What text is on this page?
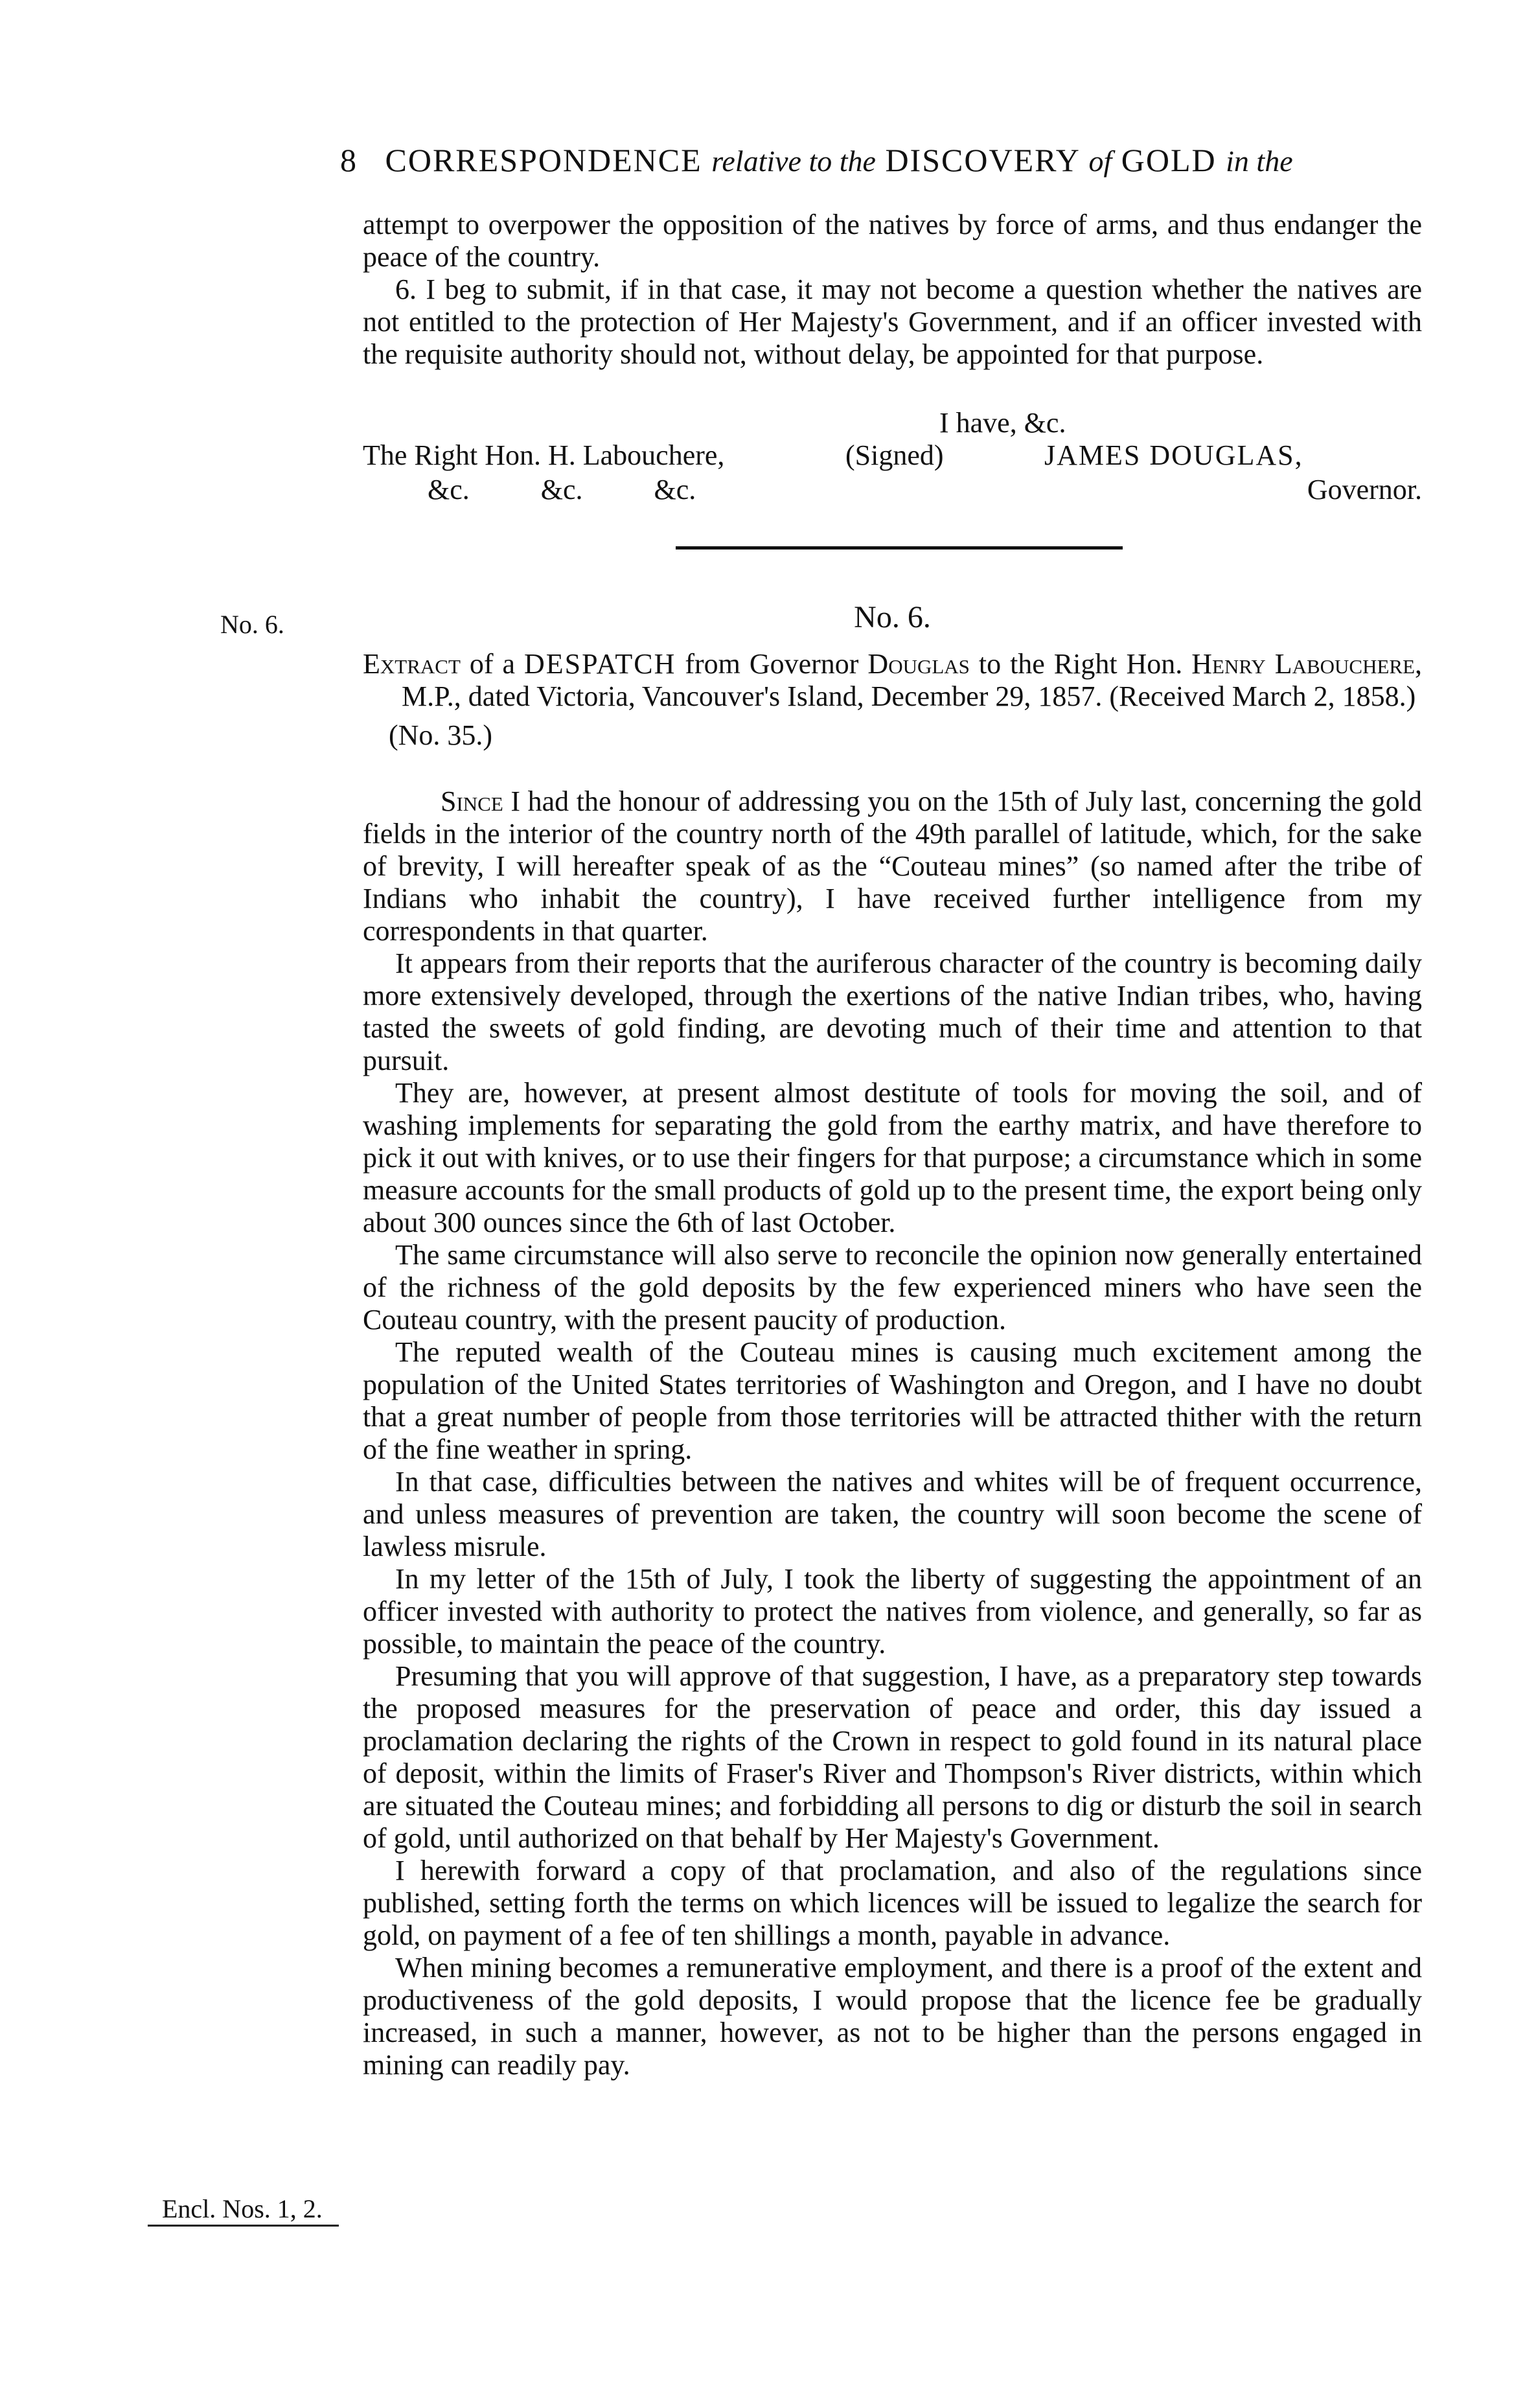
8 CORRESPONDENCE relative to the DISCOVERY of GOLD in the

attempt to overpower the opposition of the natives by force of arms, and thus endanger the peace of the country.

6. I beg to submit, if in that case, it may not become a question whether the natives are not entitled to the protection of Her Majesty's Government, and if an officer invested with the requisite authority should not, without delay, be appointed for that purpose.

I have, &c.
The Right Hon. H. Labouchere,	(Signed)	JAMES DOUGLAS,
&c.          &c.          &c.	Governor.
No. 6.	No. 6.

Extract of a DESPATCH from Governor Douglas to the Right Hon. Henry Labouchere, M.P., dated Victoria, Vancouver's Island, December 29, 1857. (Received March 2, 1858.)

(No. 35.)

Since I had the honour of addressing you on the 15th of July last, concerning the gold fields in the interior of the country north of the 49th parallel of latitude, which, for the sake of brevity, I will hereafter speak of as the “Couteau mines” (so named after the tribe of Indians who inhabit the country), I have received further intelligence from my correspondents in that quarter.

It appears from their reports that the auriferous character of the country is becoming daily more extensively developed, through the exertions of the native Indian tribes, who, having tasted the sweets of gold finding, are devoting much of their time and attention to that pursuit.

They are, however, at present almost destitute of tools for moving the soil, and of washing implements for separating the gold from the earthy matrix, and have therefore to pick it out with knives, or to use their fingers for that purpose; a circumstance which in some measure accounts for the small products of gold up to the present time, the export being only about 300 ounces since the 6th of last October.

The same circumstance will also serve to reconcile the opinion now generally entertained of the richness of the gold deposits by the few experienced miners who have seen the Couteau country, with the present paucity of production.

The reputed wealth of the Couteau mines is causing much excitement among the population of the United States territories of Washington and Oregon, and I have no doubt that a great number of people from those territories will be attracted thither with the return of the fine weather in spring.

In that case, difficulties between the natives and whites will be of frequent occurrence, and unless measures of prevention are taken, the country will soon become the scene of lawless misrule.

In my letter of the 15th of July, I took the liberty of suggesting the appointment of an officer invested with authority to protect the natives from violence, and generally, so far as possible, to maintain the peace of the country.

Presuming that you will approve of that suggestion, I have, as a preparatory step towards the proposed measures for the preservation of peace and order, this day issued a proclamation declaring the rights of the Crown in respect to gold found in its natural place of deposit, within the limits of Fraser's River and Thompson's River districts, within which are situated the Couteau mines; and forbidding all persons to dig or disturb the soil in search of gold, until authorized on that behalf by Her Majesty's Government.

I herewith forward a copy of that proclamation, and also of the regulations since published, setting forth the terms on which licences will be issued to legalize the search for gold, on payment of a fee of ten shillings a month, payable in advance.

When mining becomes a remunerative employment, and there is a proof of the extent and productiveness of the gold deposits, I would propose that the licence fee be gradually increased, in such a manner, however, as not to be higher than the persons engaged in mining can readily pay.

Encl. Nos. 1, 2.
